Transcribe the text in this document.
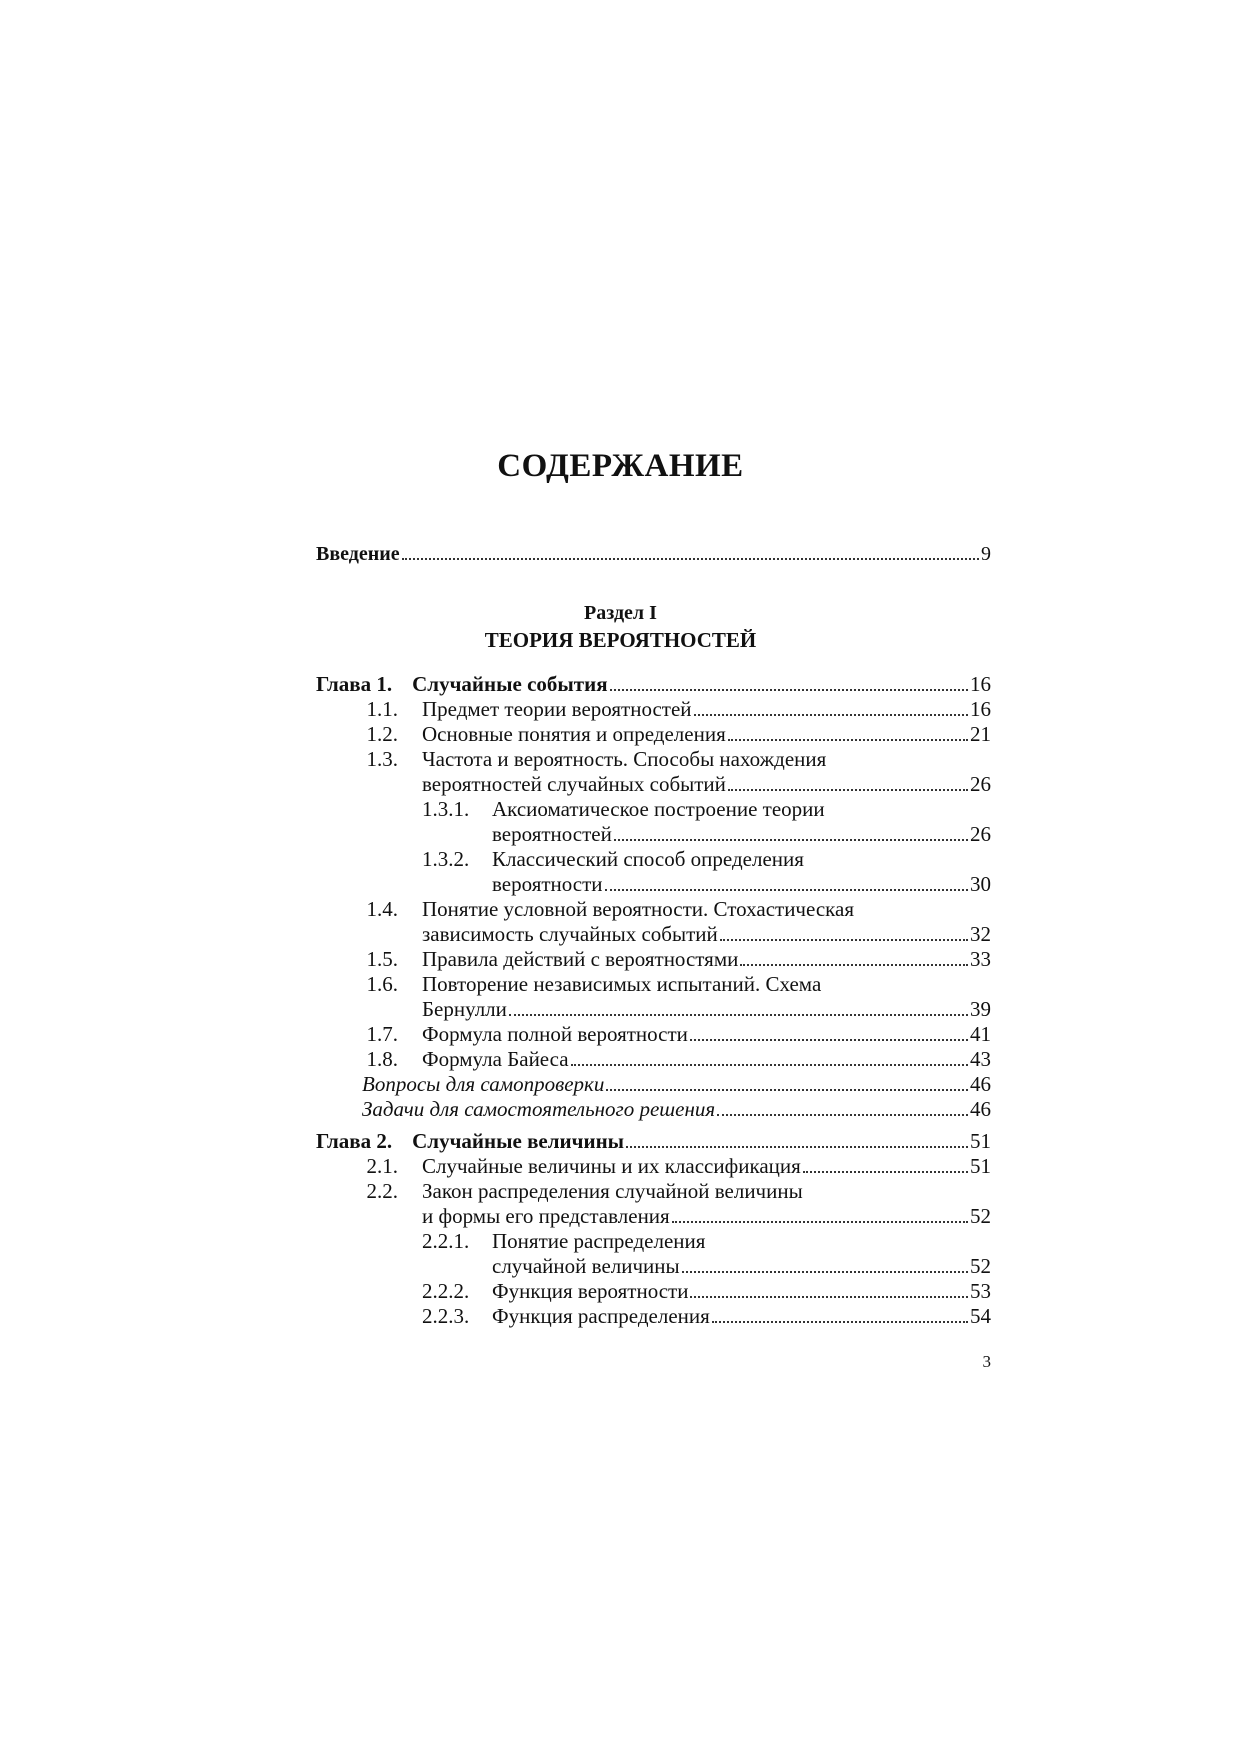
СОДЕРЖАНИЕ
Введение	9
Раздел I
ТЕОРИЯ ВЕРОЯТНОСТЕЙ
Глава 1. Случайные события	16
1.1. Предмет теории вероятностей	16
1.2. Основные понятия и определения	21
1.3. Частота и вероятность. Способы нахождения
вероятностей случайных событий	26
1.3.1.	Аксиоматическое построение теории
вероятностей	26
1.3.2.	Классический способ определения
вероятности	30
1.4. Понятие условной вероятности. Стохастическая
зависимость случайных событий	32
1.5. Правила действий с вероятностями	33
1.6. Повторение независимых испытаний. Схема
Бернулли	39
1.7. Формула полной вероятности	41
1.8. Формула Байеса	43
Вопросы для самопроверки	46
Задачи для самостоятельного решения	46
Глава 2. Случайные величины	51
2.1. Случайные величины и их классификация	51
2.2. Закон распределения случайной величины
и формы его представления	52
2.2.1.	Понятие распределения
случайной величины	52
2.2.2.	Функция вероятности	53
2.2.3.	Функция распределения	54
3
